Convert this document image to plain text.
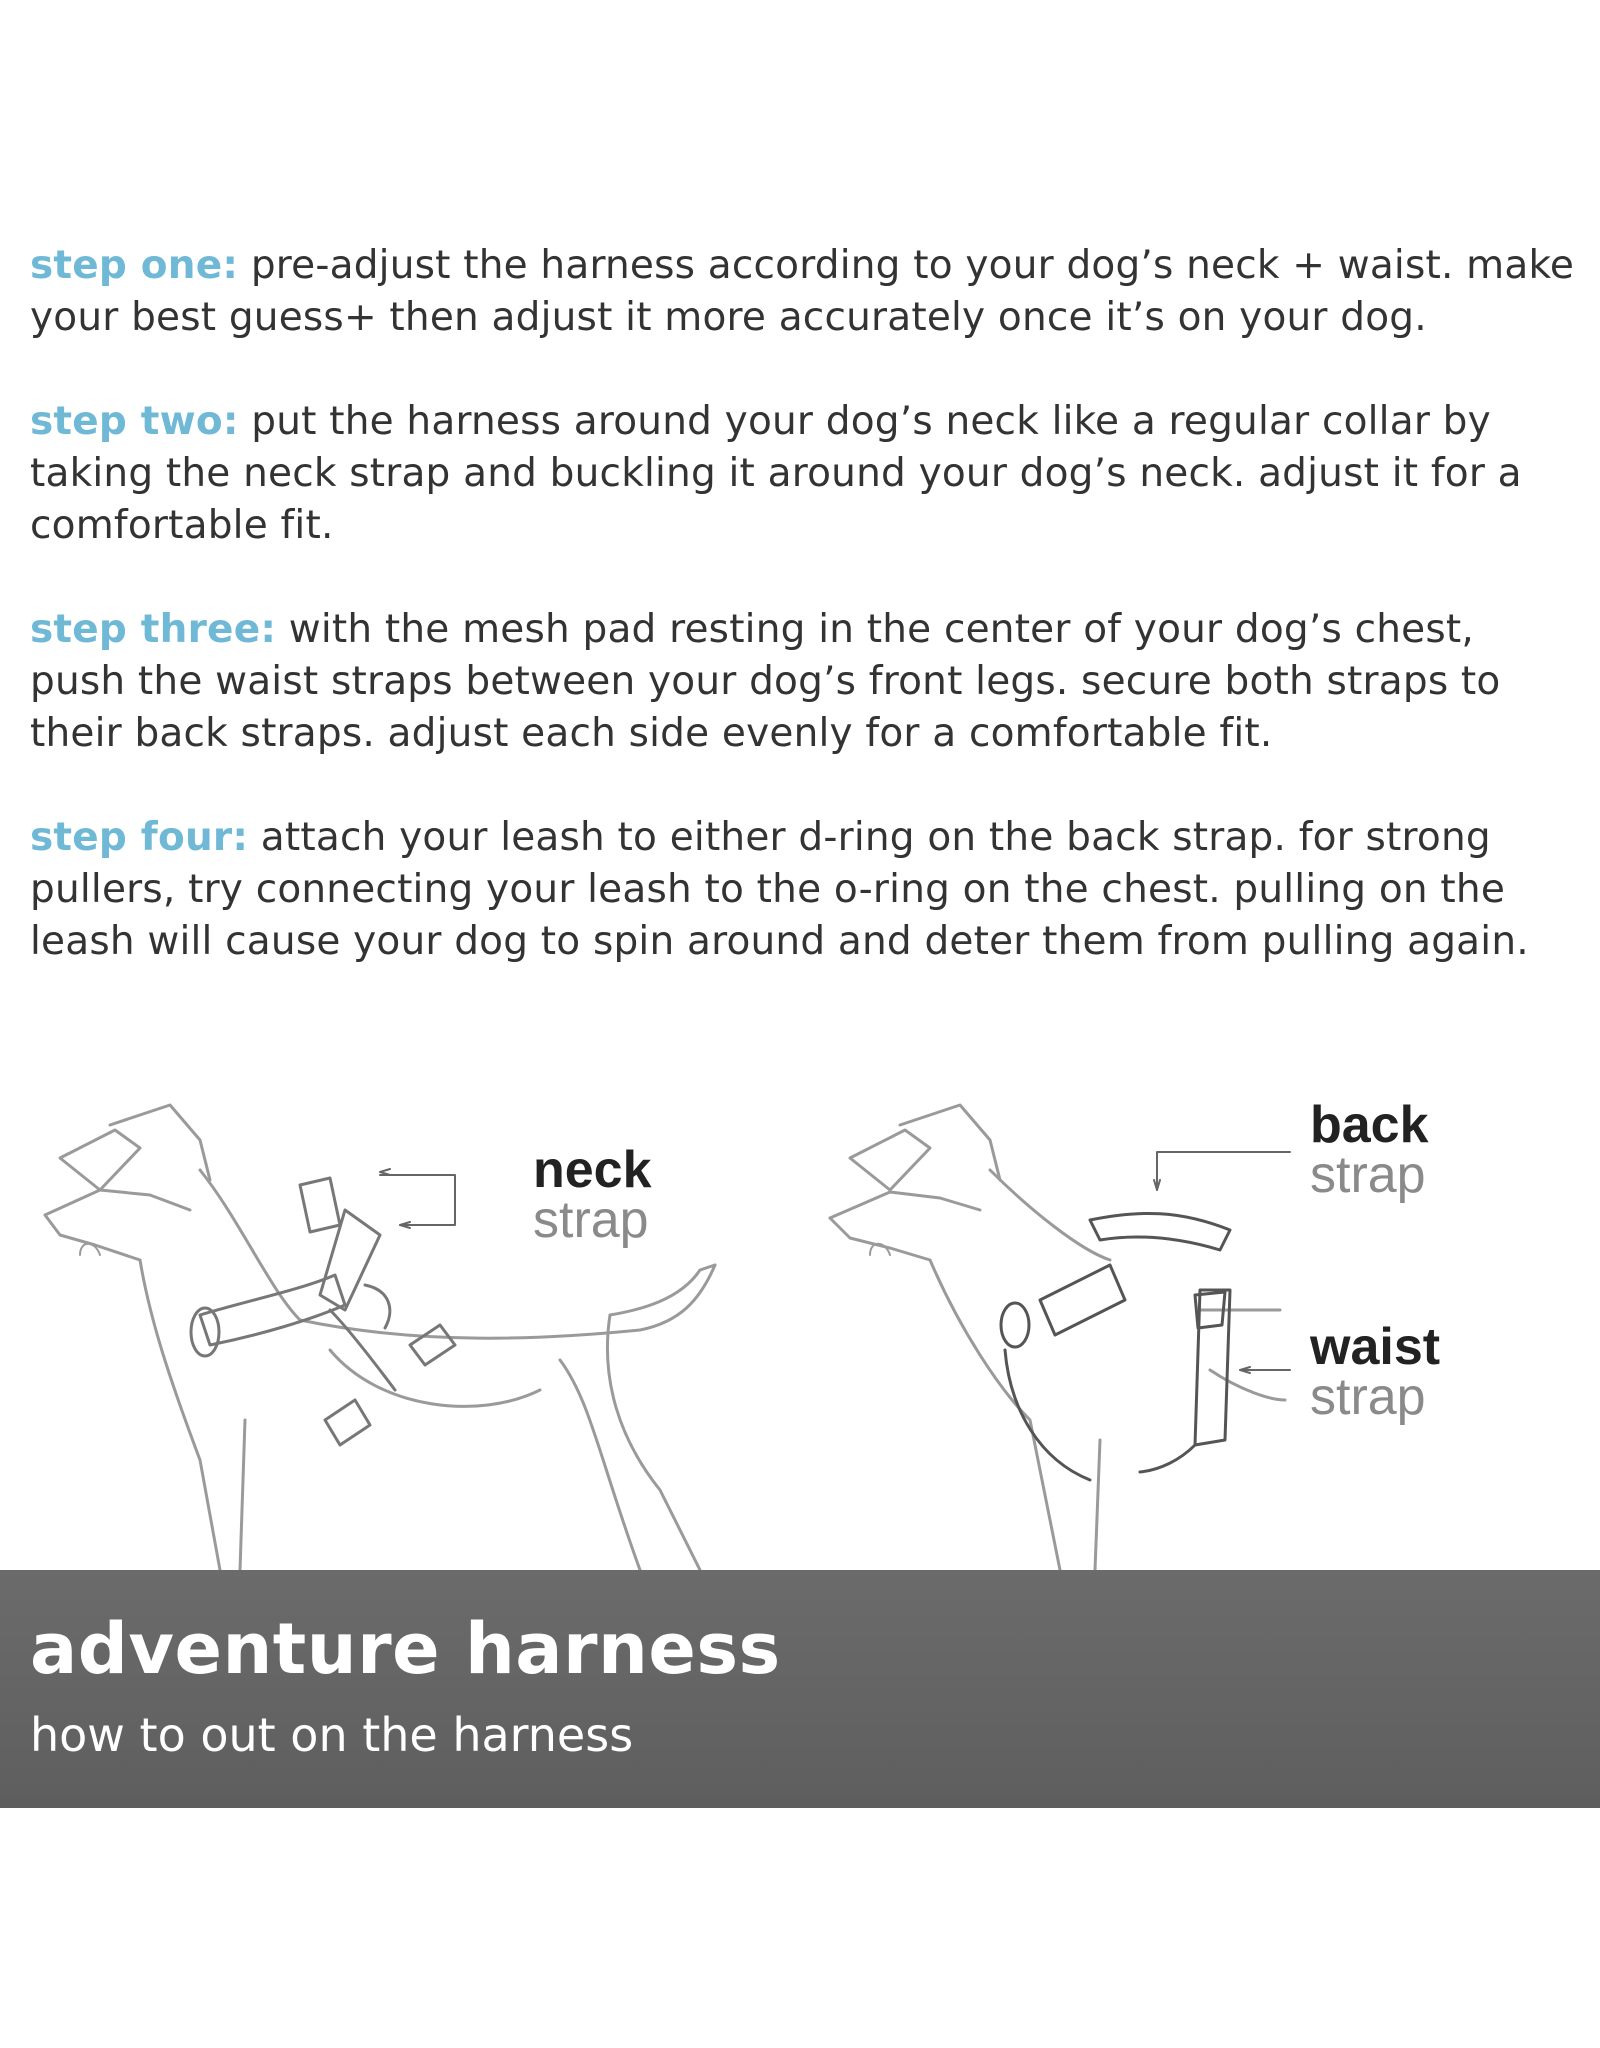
step one: pre-adjust the harness according to your dog’s neck + waist. make your best guess+ then adjust it more accurately once it’s on your dog.

step two: put the harness around your dog’s neck like a regular collar by taking the neck strap and buckling it around your dog’s neck. adjust it for a comfortable fit.

step three: with the mesh pad resting in the center of your dog’s chest, push the waist straps between your dog’s front legs. secure both straps to their back straps. adjust each side evenly for a comfortable fit.

step four: attach your leash to either d-ring on the back strap. for strong pullers, try connecting your leash to the o-ring on the chest. pulling on the leash will cause your dog to spin around and deter them from pulling again.

neck
strap
back
strap
waist
strap
adventure harness
how to out on the harness
